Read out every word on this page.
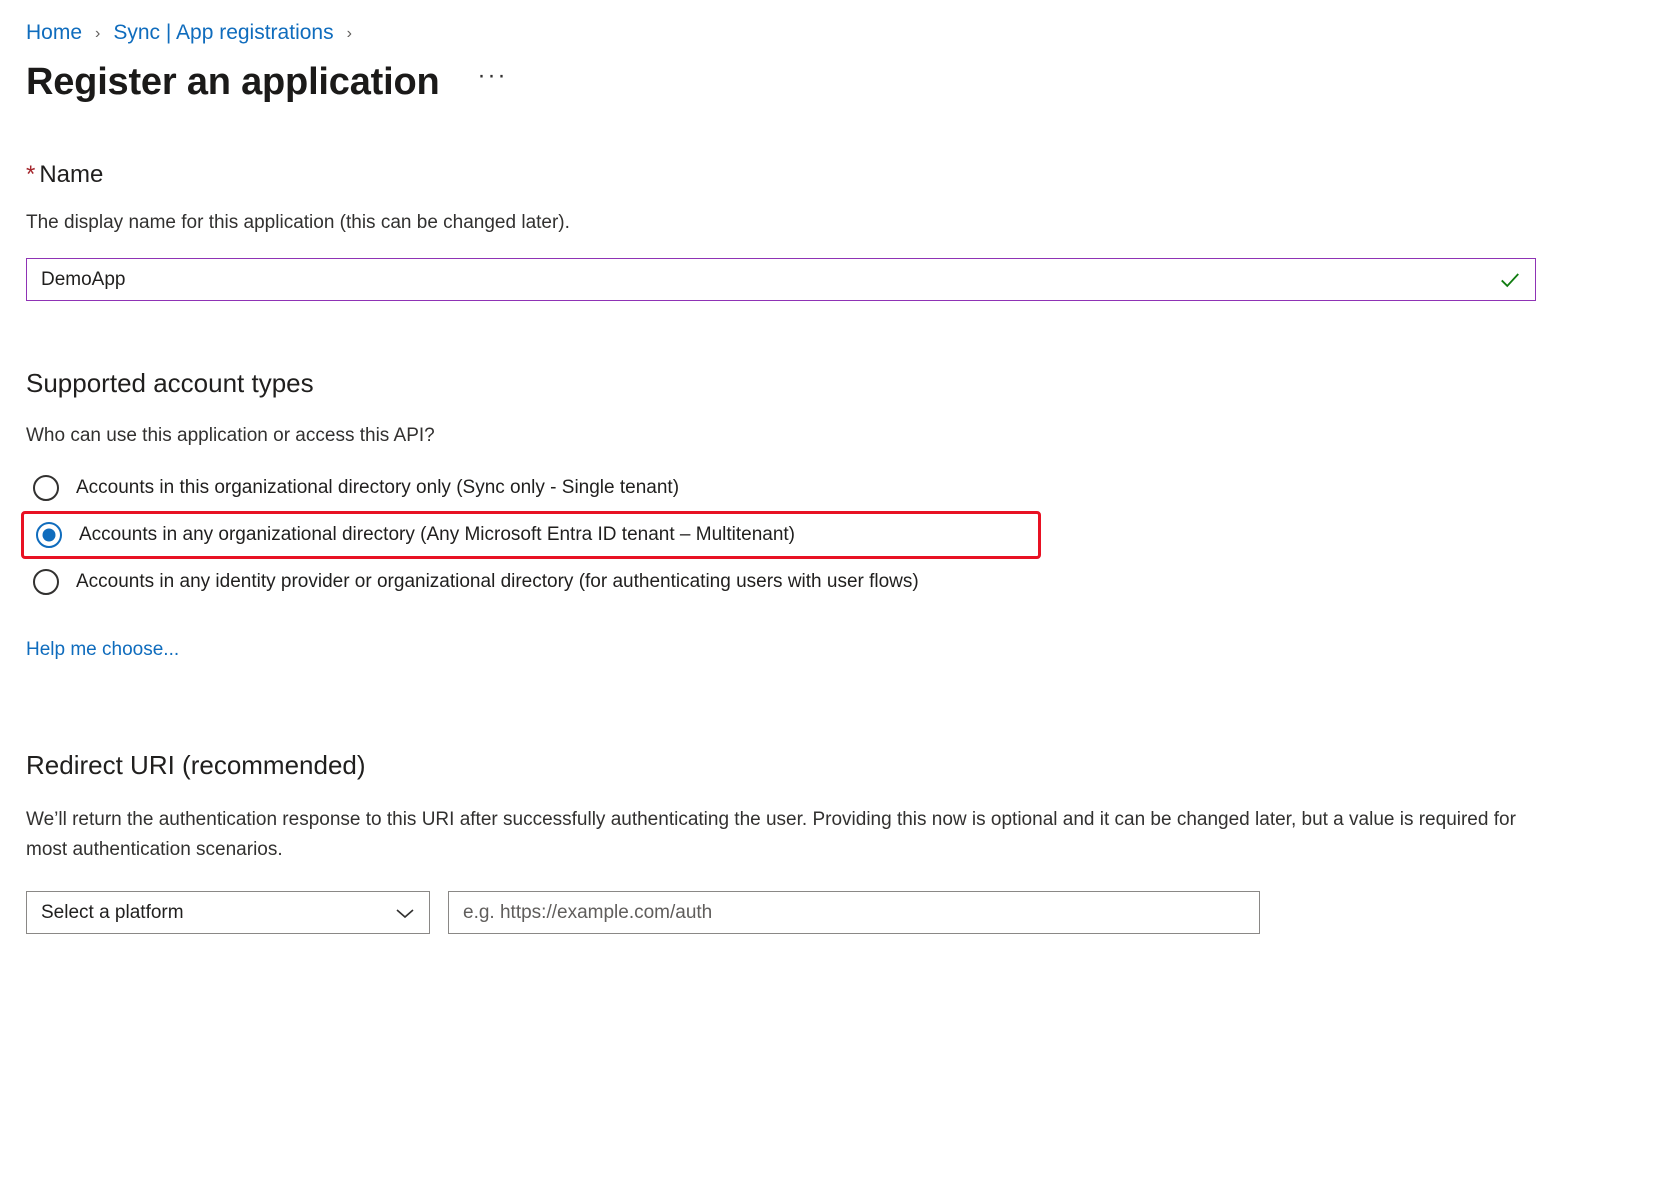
Home › Sync | App registrations ›
Register an application ···
* Name
The display name for this application (this can be changed later).
DemoApp
Supported account types
Who can use this application or access this API?
Accounts in this organizational directory only (Sync only - Single tenant)
Accounts in any organizational directory (Any Microsoft Entra ID tenant – Multitenant)
Accounts in any identity provider or organizational directory (for authenticating users with user flows)
Help me choose...
Redirect URI (recommended)
We’ll return the authentication response to this URI after successfully authenticating the user. Providing this now is optional and it can be changed later, but a value is required for most authentication scenarios.
Select a platform
e.g. https://example.com/auth
